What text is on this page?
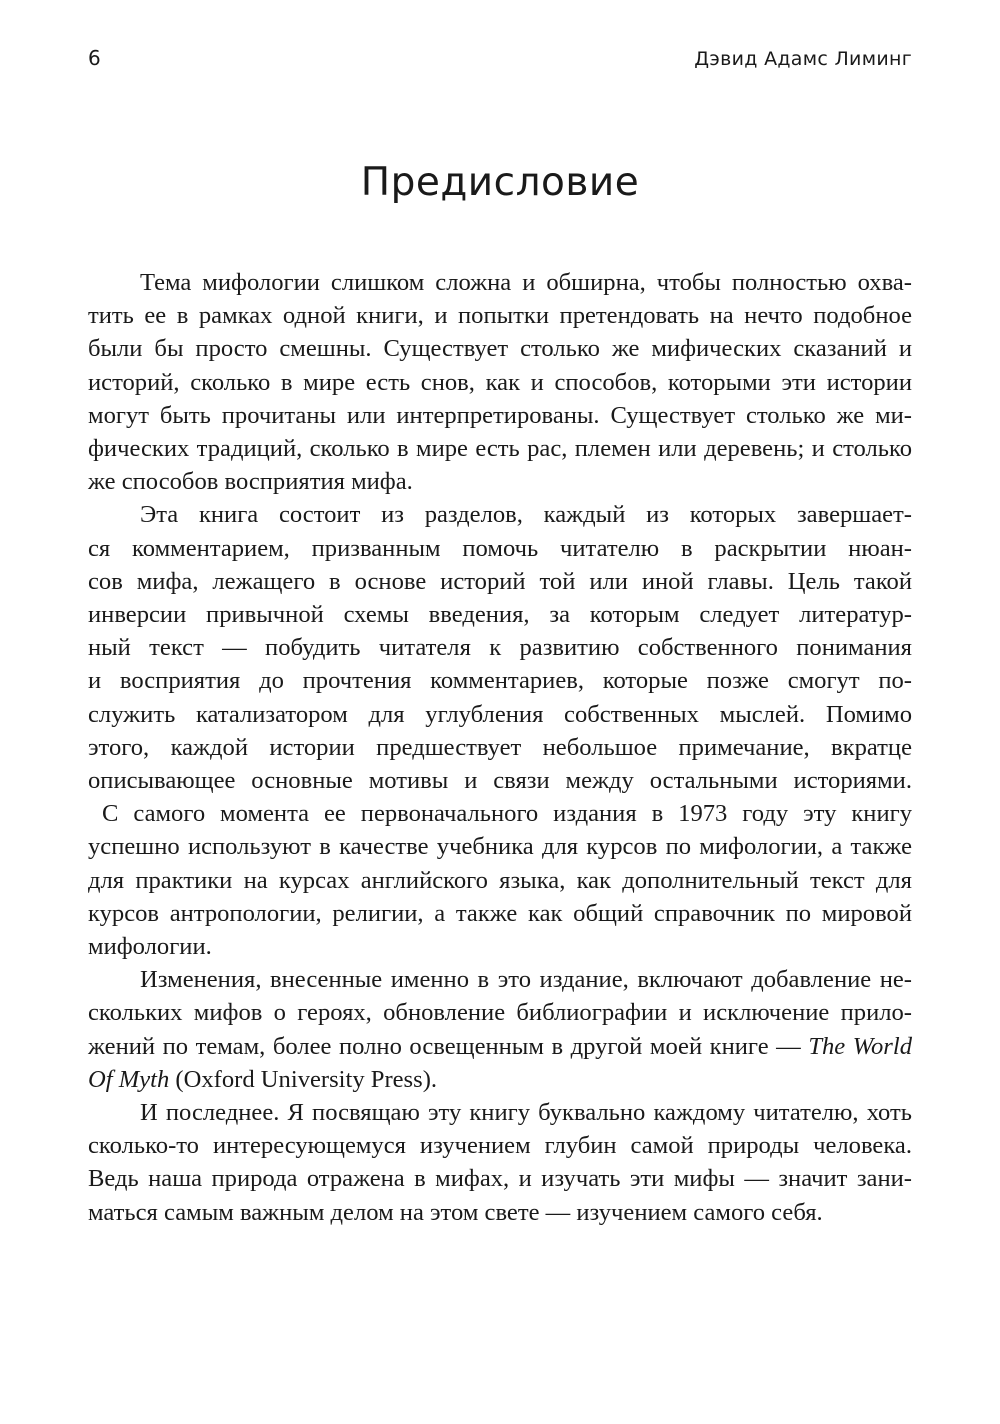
6	Дэвид Адамс Лиминг
Предисловие

Тема мифологии слишком сложна и обширна, чтобы полностью охва-
тить ее в рамках одной книги, и попытки претендовать на нечто подобное
были бы просто смешны. Существует столько же мифических сказаний и
историй, сколько в мире есть снов, как и способов, которыми эти истории
могут быть прочитаны или интерпретированы. Существует столько же ми-
фических традиций, сколько в мире есть рас, племен или деревень; и столько
же способов восприятия мифа.

Эта книга состоит из разделов, каждый из которых завершает-
ся комментарием, призванным помочь читателю в раскрытии нюан-
сов мифа, лежащего в основе историй той или иной главы. Цель такой
инверсии привычной схемы введения, за которым следует литератур-
ный текст — побудить читателя к развитию собственного понимания
и восприятия до прочтения комментариев, которые позже смогут по-
служить катализатором для углубления собственных мыслей. Помимо
этого, каждой истории предшествует небольшое примечание, вкратце
описывающее основные мотивы и связи между остальными историями.

С самого момента ее первоначального издания в 1973 году эту книгу
успешно используют в качестве учебника для курсов по мифологии, а также
для практики на курсах английского языка, как дополнительный текст для
курсов антропологии, религии, а также как общий справочник по мировой
мифологии.

Изменения, внесенные именно в это издание, включают добавление не-
скольких мифов о героях, обновление библиографии и исключение прило-
жений по темам, более полно освещенным в другой моей книге — The World
Of Myth (Oxford University Press).

И последнее. Я посвящаю эту книгу буквально каждому читателю, хоть
сколько-то интересующемуся изучением глубин самой природы человека.
Ведь наша природа отражена в мифах, и изучать эти мифы — значит зани-
маться самым важным делом на этом свете — изучением самого себя.
